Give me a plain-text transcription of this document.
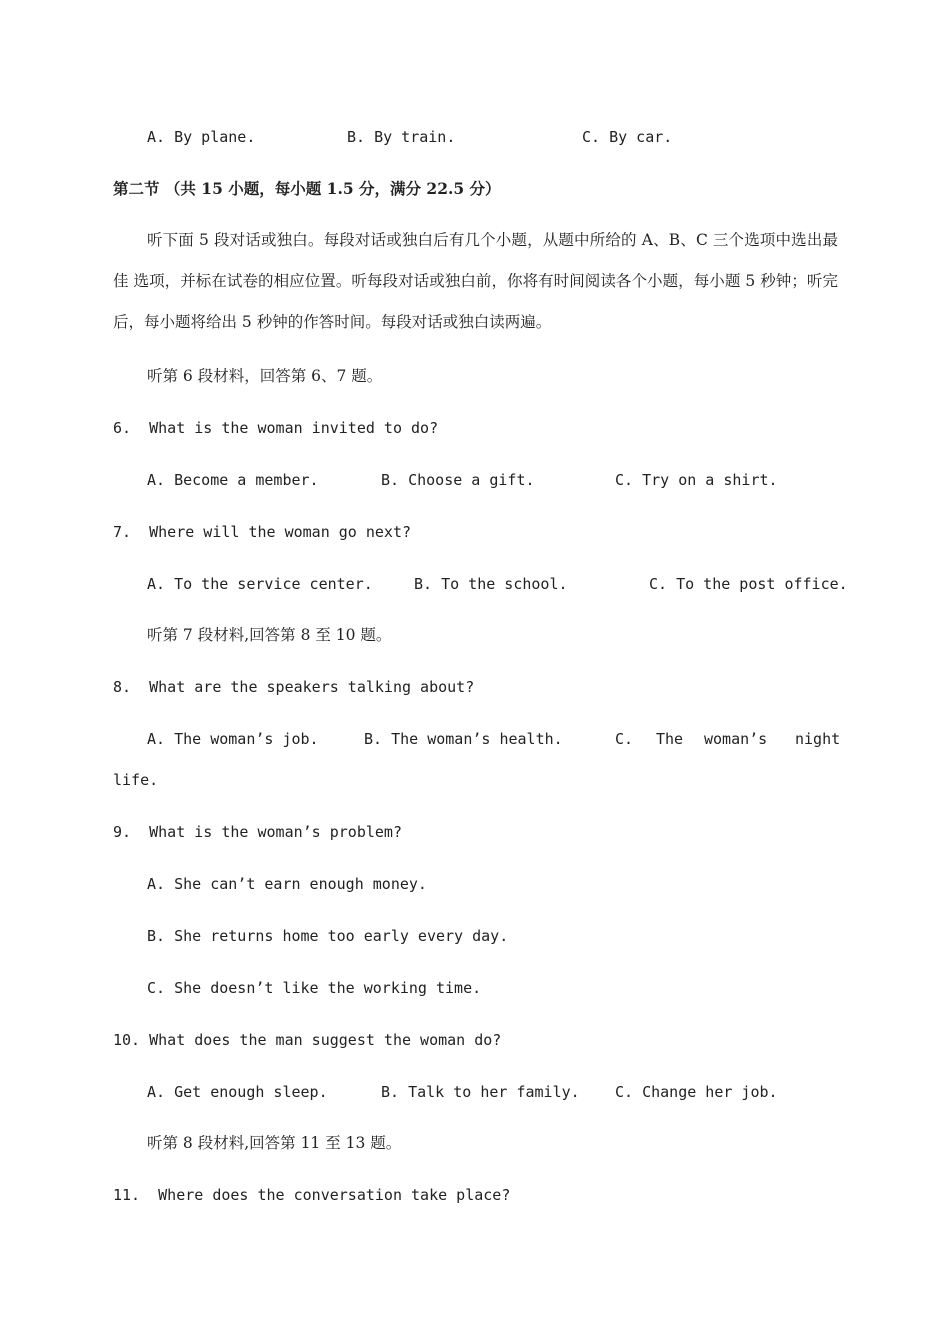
A. By plane.	B. By train.	C. By car.
第二节 （共 15 小题，每小题 1.5 分，满分 22.5 分）
听下面 5 段对话或独白。每段对话或独白后有几个小题，从题中所给的 A、B、C 三个选项中选出最佳 选项，并标在试卷的相应位置。听每段对话或独白前，你将有时间阅读各个小题，每小题 5 秒钟；听完后，每小题将给出 5 秒钟的作答时间。每段对话或独白读两遍。
听第 6 段材料，回答第 6、7 题。
6.  What is the woman invited to do?
A. Become a member.	B. Choose a gift.	C. Try on a shirt.
7.  Where will the woman go next?
A. To the service center.	B. To the school.	C. To the post office.
听第 7 段材料,回答第 8 至 10 题。
8.  What are the speakers talking about?
A. The woman’s job.	B. The woman’s health.	C. The woman’s night
life.
9.  What is the woman’s problem?
A. She can’t earn enough money.
B. She returns home too early every day.
C. She doesn’t like the working time.
10. What does the man suggest the woman do?
A. Get enough sleep.	B. Talk to her family. C. Change her job.
听第 8 段材料,回答第 11 至 13 题。
11.  Where does the conversation take place?
